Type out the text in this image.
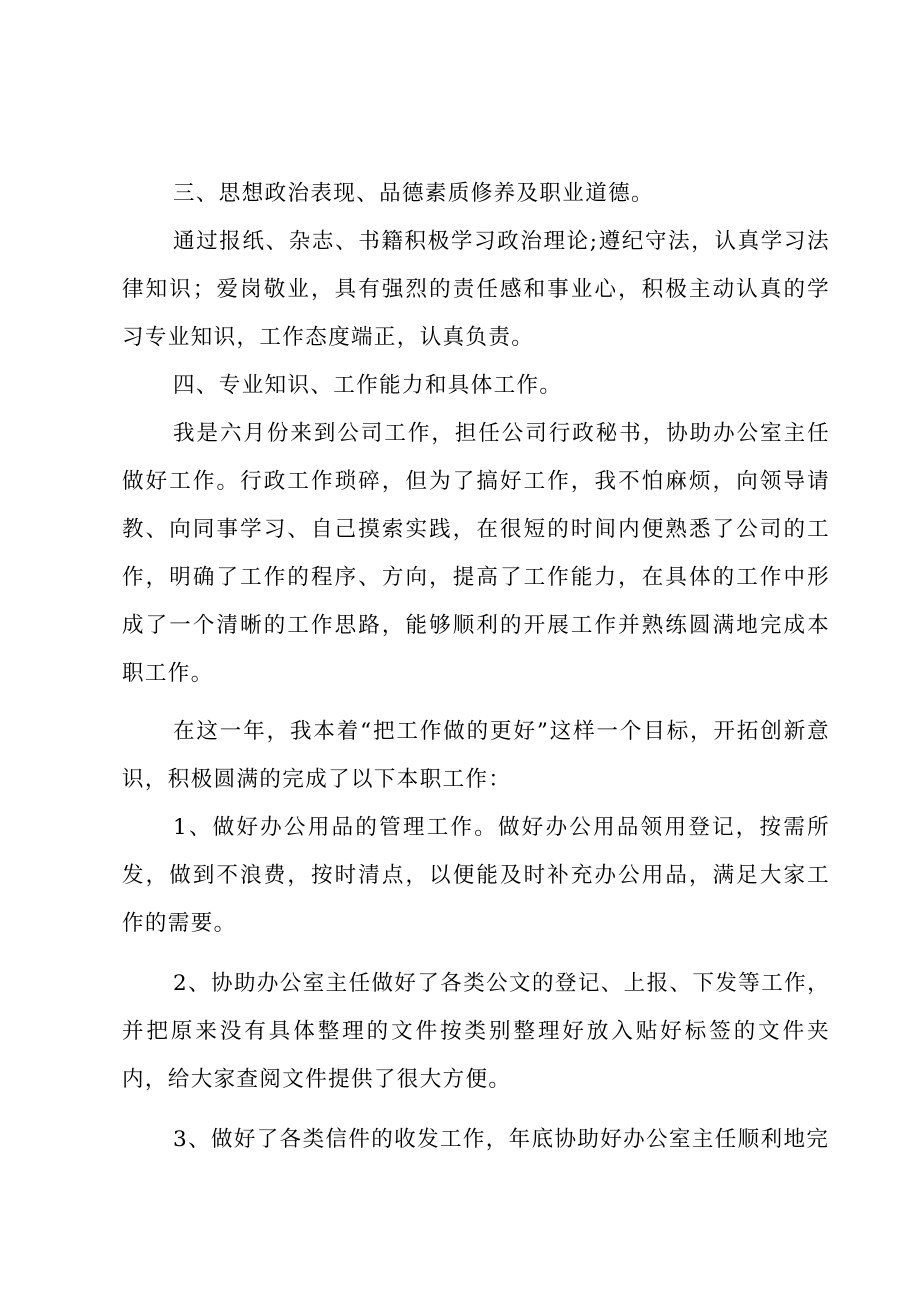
三、思想政治表现、品德素质修养及职业道德。

通过报纸、杂志、书籍积极学习政治理论;遵纪守法，认真学习法律知识；爱岗敬业，具有强烈的责任感和事业心，积极主动认真的学习专业知识，工作态度端正，认真负责。

四、专业知识、工作能力和具体工作。

我是六月份来到公司工作，担任公司行政秘书，协助办公室主任做好工作。行政工作琐碎，但为了搞好工作，我不怕麻烦，向领导请教、向同事学习、自己摸索实践，在很短的时间内便熟悉了公司的工作，明确了工作的程序、方向，提高了工作能力，在具体的工作中形成了一个清晰的工作思路，能够顺利的开展工作并熟练圆满地完成本职工作。

在这一年，我本着“把工作做的更好”这样一个目标，开拓创新意识，积极圆满的完成了以下本职工作：

1、做好办公用品的管理工作。做好办公用品领用登记，按需所发，做到不浪费，按时清点，以便能及时补充办公用品，满足大家工作的需要。

2、协助办公室主任做好了各类公文的登记、上报、下发等工作，并把原来没有具体整理的文件按类别整理好放入贴好标签的文件夹内，给大家查阅文件提供了很大方便。

3、做好了各类信件的收发工作，年底协助好办公室主任顺利地完
